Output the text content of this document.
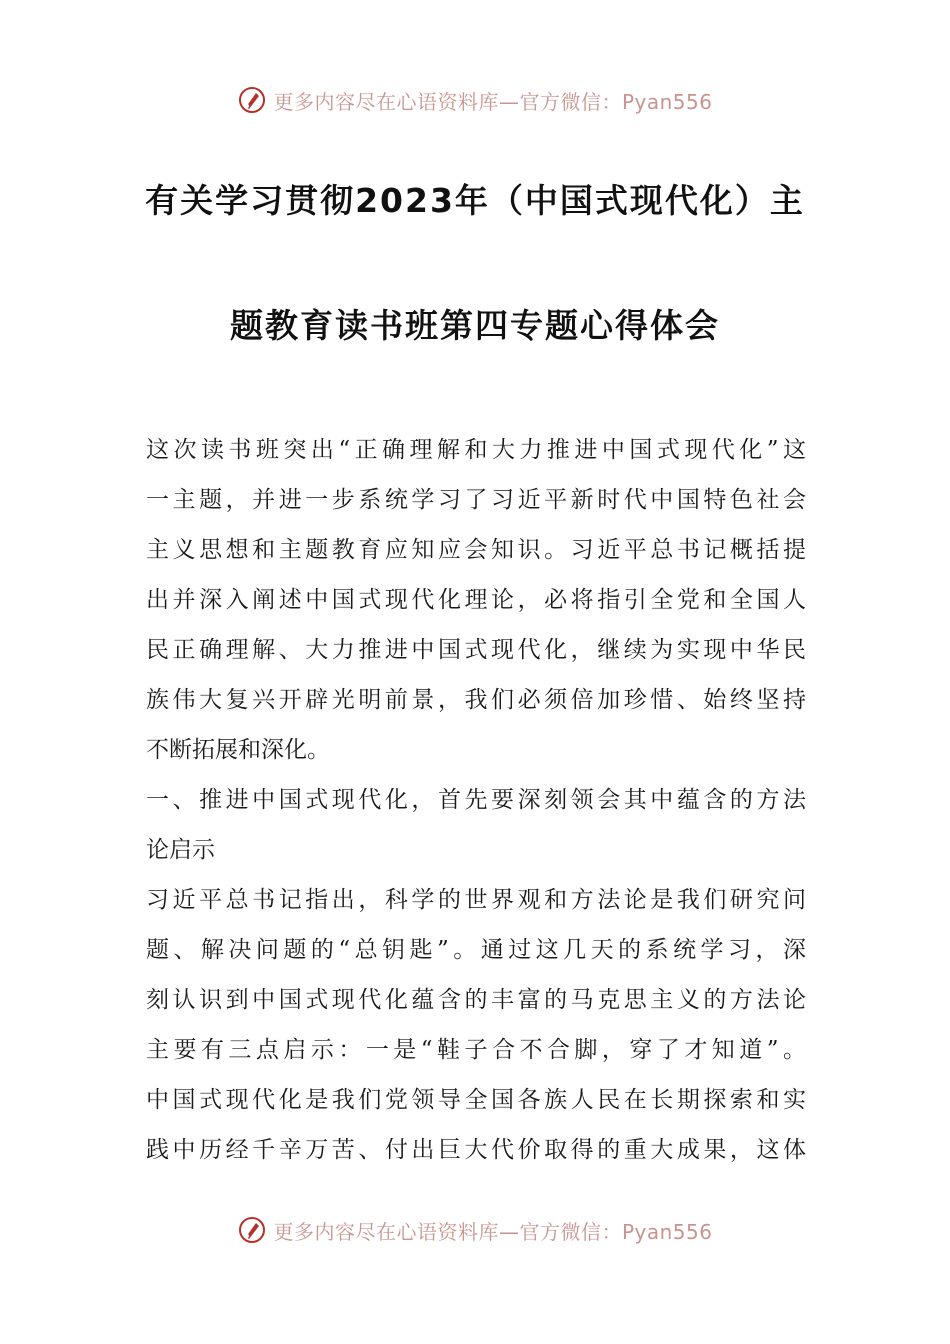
更多内容尽在心语资料库—官方微信：Pyan556
有关学习贯彻2023年（中国式现代化）主
题教育读书班第四专题心得体会
这次读书班突出“正确理解和大力推进中国式现代化”这
一主题，并进一步系统学习了习近平新时代中国特色社会
主义思想和主题教育应知应会知识。习近平总书记概括提
出并深入阐述中国式现代化理论，必将指引全党和全国人
民正确理解、大力推进中国式现代化，继续为实现中华民
族伟大复兴开辟光明前景，我们必须倍加珍惜、始终坚持
不断拓展和深化。
一、推进中国式现代化，首先要深刻领会其中蕴含的方法
论启示
习近平总书记指出，科学的世界观和方法论是我们研究问
题、解决问题的“总钥匙”。通过这几天的系统学习，深
刻认识到中国式现代化蕴含的丰富的马克思主义的方法论
主要有三点启示：一是“鞋子合不合脚，穿了才知道”。
中国式现代化是我们党领导全国各族人民在长期探索和实
践中历经千辛万苦、付出巨大代价取得的重大成果，这体
更多内容尽在心语资料库—官方微信：Pyan556
